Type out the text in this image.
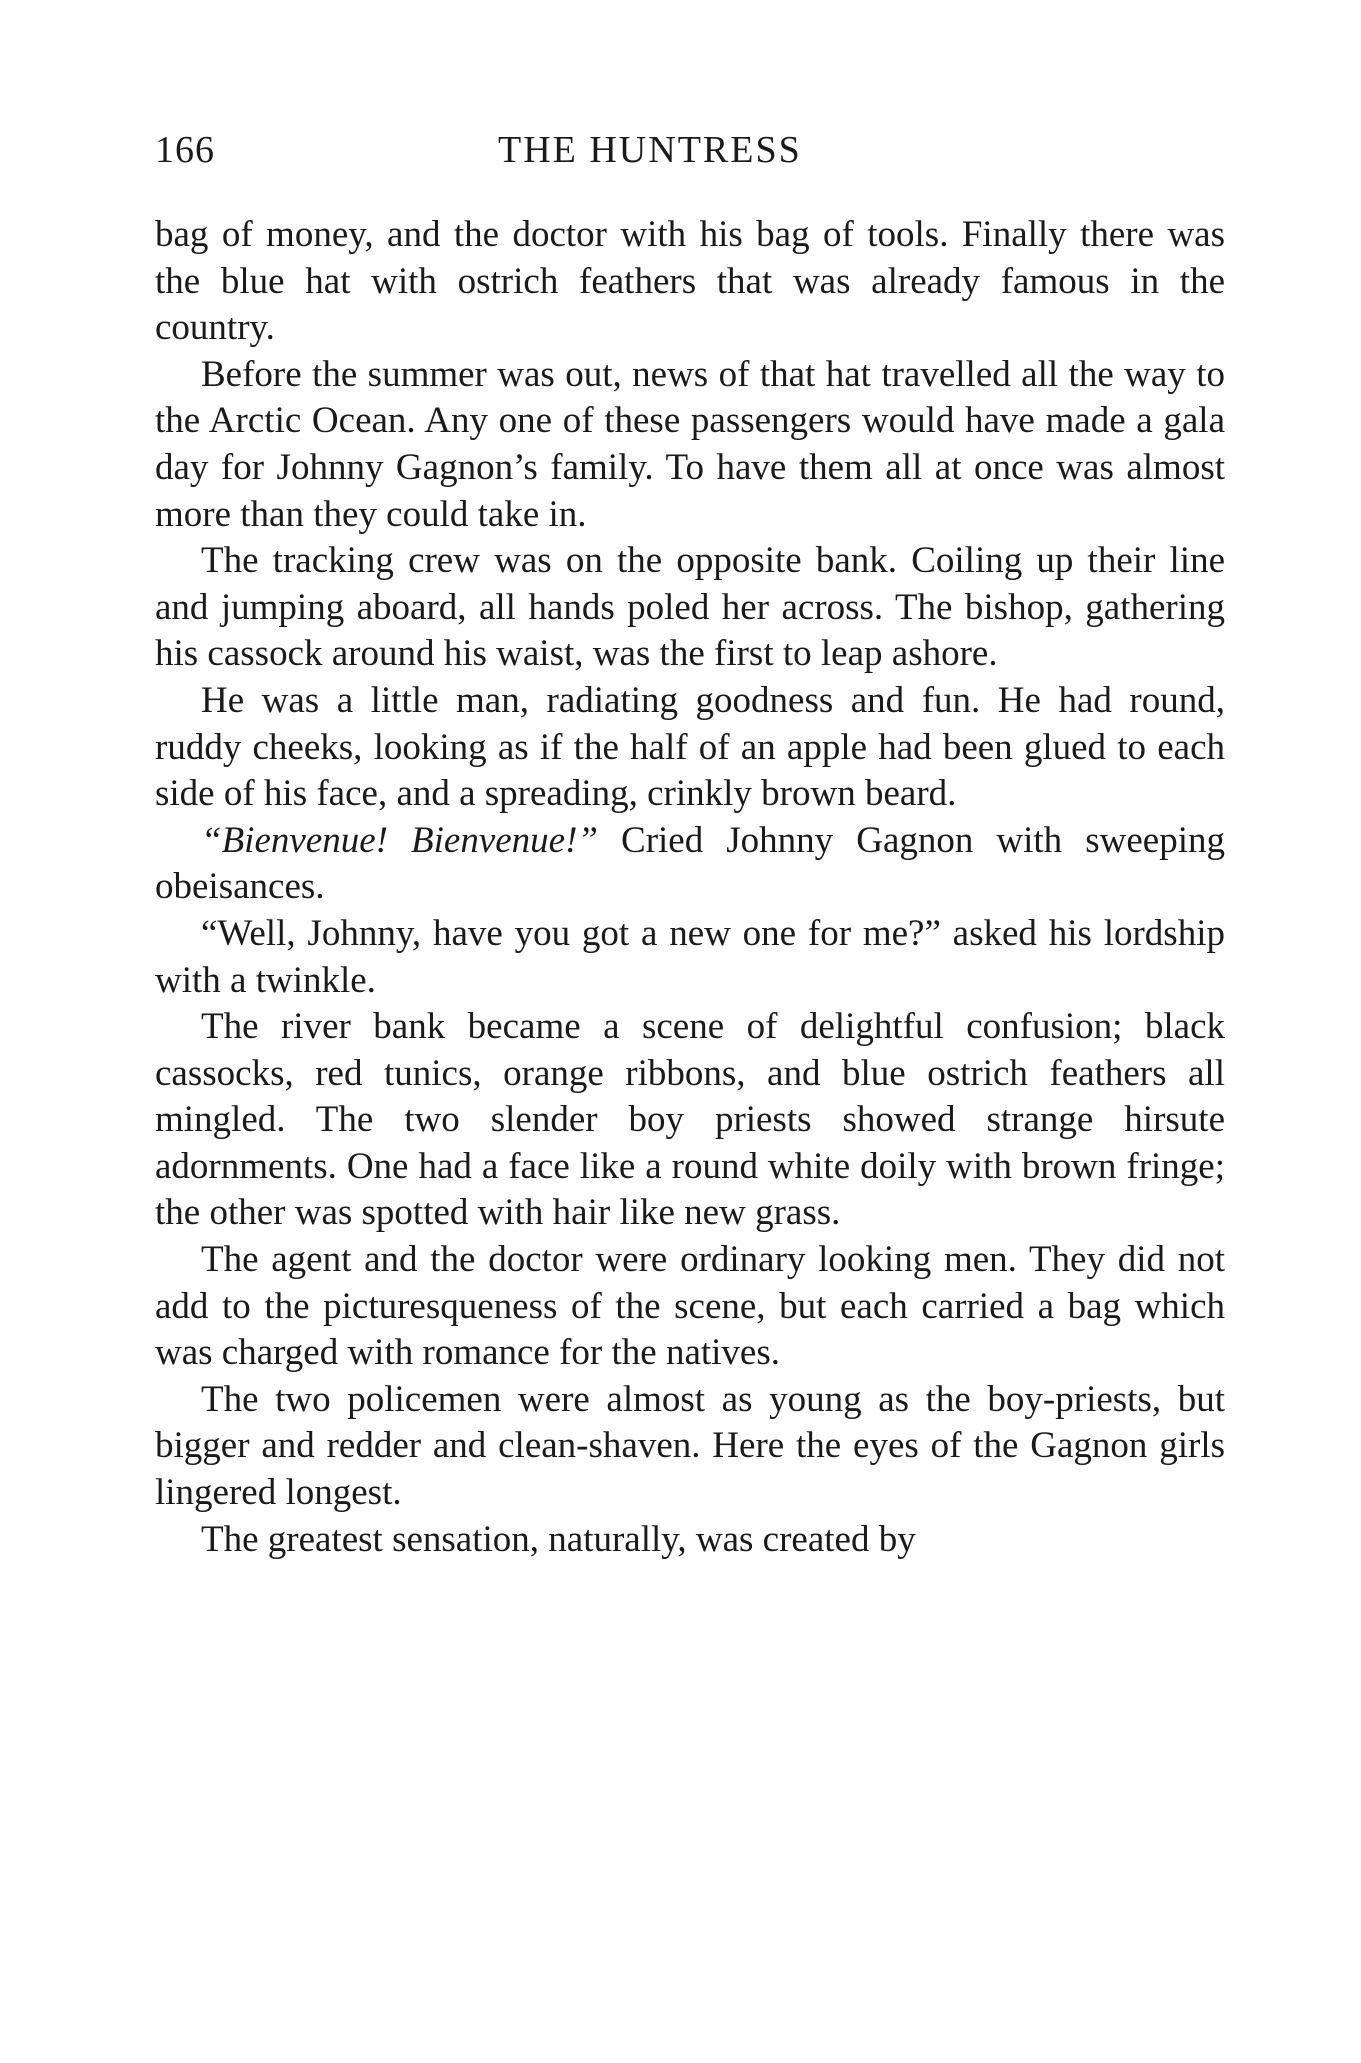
166	THE HUNTRESS

bag of money, and the doctor with his bag of tools. Finally there was the blue hat with ostrich feathers that was already famous in the country.

Before the summer was out, news of that hat travelled all the way to the Arctic Ocean. Any one of these passengers would have made a gala day for Johnny Gagnon’s family. To have them all at once was almost more than they could take in.

The tracking crew was on the opposite bank. Coiling up their line and jumping aboard, all hands poled her across. The bishop, gathering his cassock around his waist, was the first to leap ashore.

He was a little man, radiating goodness and fun. He had round, ruddy cheeks, looking as if the half of an apple had been glued to each side of his face, and a spreading, crinkly brown beard.

“Bienvenue! Bienvenue!” Cried Johnny Gagnon with sweeping obeisances.

“Well, Johnny, have you got a new one for me?” asked his lordship with a twinkle.

The river bank became a scene of delightful confusion; black cassocks, red tunics, orange ribbons, and blue ostrich feathers all mingled. The two slender boy priests showed strange hirsute adornments. One had a face like a round white doily with brown fringe; the other was spotted with hair like new grass.

The agent and the doctor were ordinary looking men. They did not add to the picturesqueness of the scene, but each carried a bag which was charged with romance for the natives.

The two policemen were almost as young as the boy-priests, but bigger and redder and clean-shaven. Here the eyes of the Gagnon girls lingered longest.

The greatest sensation, naturally, was created by
